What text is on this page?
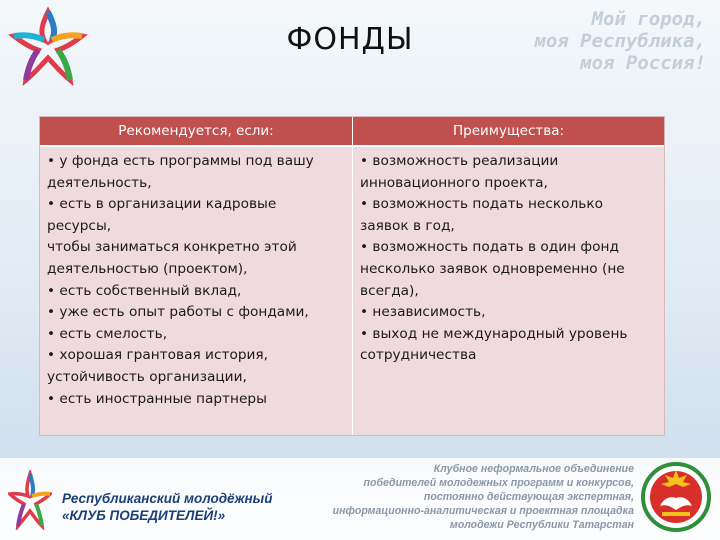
ФОНДЫ
Мой город,
моя Республика,
моя Россия!
Рекомендуется, если:	Преимущества:
• у фонда есть программы под вашу
деятельность,
• есть в организации кадровые
ресурсы,
чтобы заниматься конкретно этой
деятельностью (проектом),
• есть собственный вклад,
• уже есть опыт работы с фондами,
• есть смелость,
• хорошая грантовая история,
устойчивость организации,
• есть иностранные партнеры
• возможность реализации
инновационного проекта,
• возможность подать несколько
заявок в год,
• возможность подать в один фонд
несколько заявок одновременно (не
всегда),
• независимость,
• выход не международный уровень
сотрудничества
Республиканский молодёжный
«КЛУБ ПОБЕДИТЕЛЕЙ!»
Клубное неформальное объединение
победителей молодежных программ и конкурсов,
постоянно действующая экспертная,
информационно-аналитическая и проектная площадка
молодежи Республики Татарстан
